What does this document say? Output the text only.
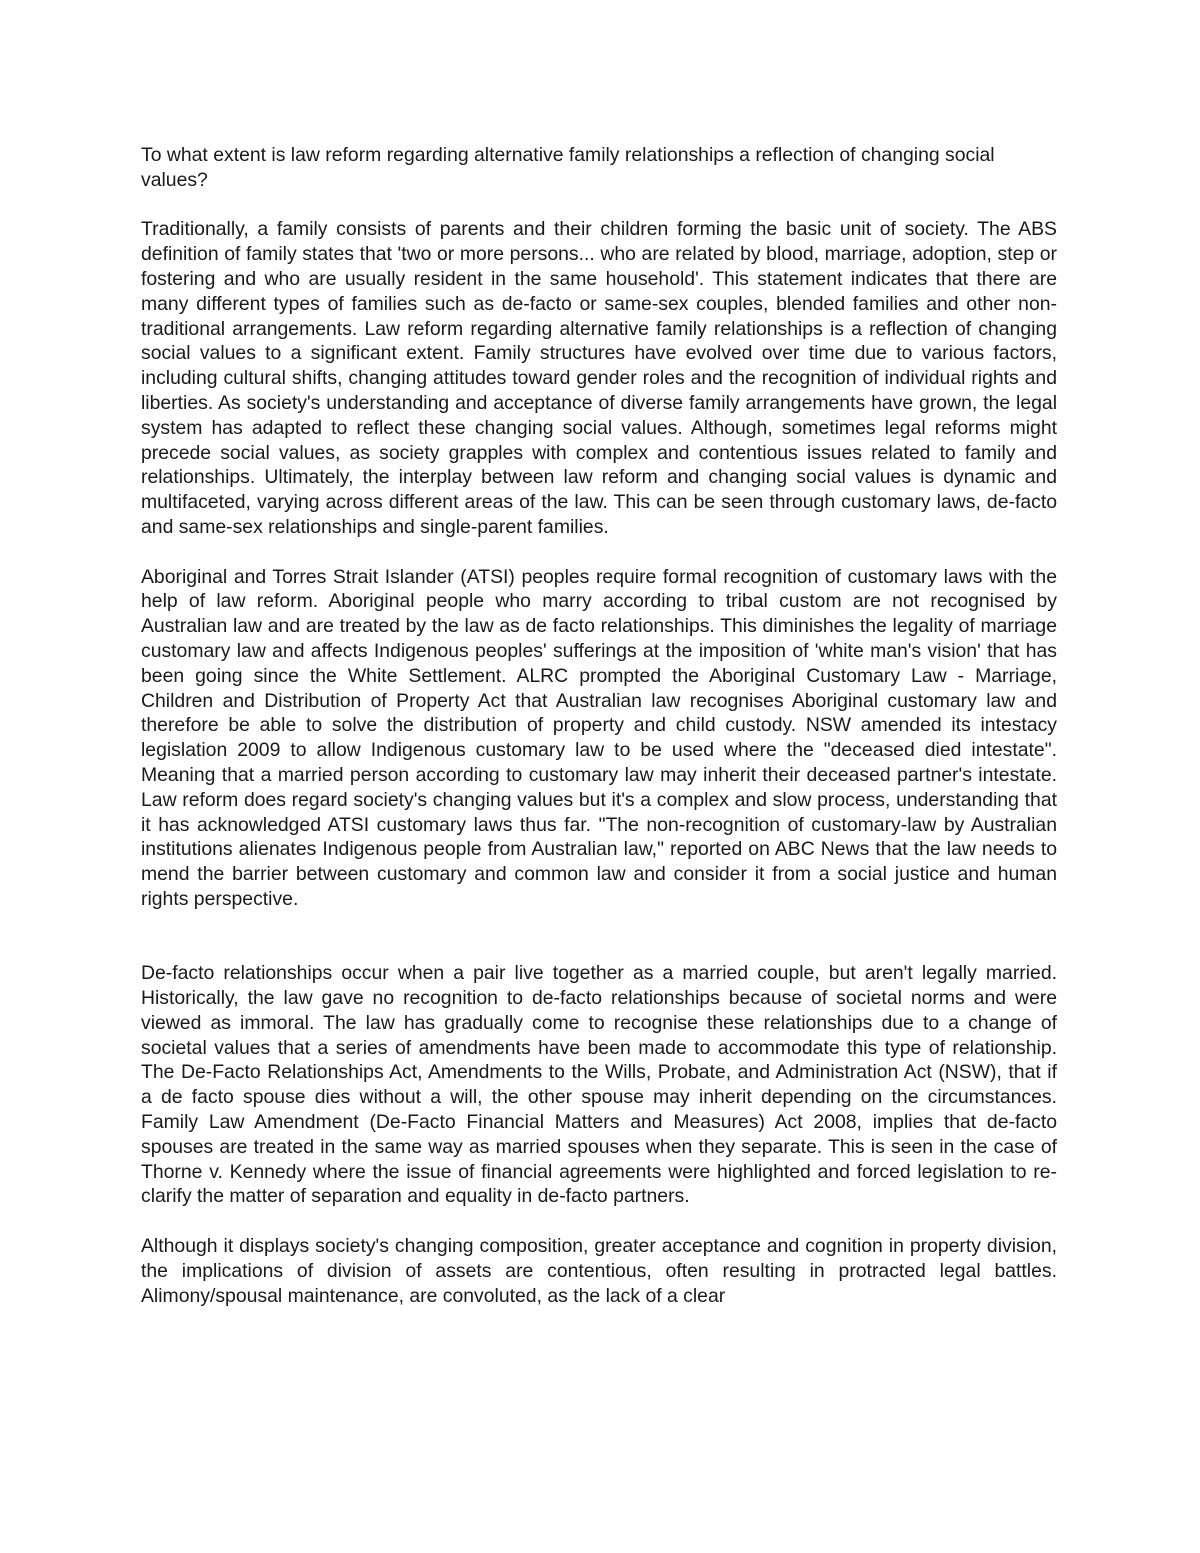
To what extent is law reform regarding alternative family relationships a reflection of changing social values?

Traditionally, a family consists of parents and their children forming the basic unit of society. The ABS definition of family states that 'two or more persons... who are related by blood, marriage, adoption, step or fostering and who are usually resident in the same household'. This statement indicates that there are many different types of families such as de-facto or same-sex couples, blended families and other non-traditional arrangements. Law reform regarding alternative family relationships is a reflection of changing social values to a significant extent. Family structures have evolved over time due to various factors, including cultural shifts, changing attitudes toward gender roles and the recognition of individual rights and liberties. As society's understanding and acceptance of diverse family arrangements have grown, the legal system has adapted to reflect these changing social values. Although, sometimes legal reforms might precede social values, as society grapples with complex and contentious issues related to family and relationships. Ultimately, the interplay between law reform and changing social values is dynamic and multifaceted, varying across different areas of the law. This can be seen through customary laws, de-facto and same-sex relationships and single-parent families.

Aboriginal and Torres Strait Islander (ATSI) peoples require formal recognition of customary laws with the help of law reform. Aboriginal people who marry according to tribal custom are not recognised by Australian law and are treated by the law as de facto relationships. This diminishes the legality of marriage customary law and affects Indigenous peoples' sufferings at the imposition of 'white man's vision' that has been going since the White Settlement. ALRC prompted the Aboriginal Customary Law - Marriage, Children and Distribution of Property Act that Australian law recognises Aboriginal customary law and therefore be able to solve the distribution of property and child custody. NSW amended its intestacy legislation 2009 to allow Indigenous customary law to be used where the "deceased died intestate". Meaning that a married person according to customary law may inherit their deceased partner's intestate. Law reform does regard society's changing values but it's a complex and slow process, understanding that it has acknowledged ATSI customary laws thus far. "The non-recognition of customary-law by Australian institutions alienates Indigenous people from Australian law," reported on ABC News that the law needs to mend the barrier between customary and common law and consider it from a social justice and human rights perspective.

De-facto relationships occur when a pair live together as a married couple, but aren't legally married. Historically, the law gave no recognition to de-facto relationships because of societal norms and were viewed as immoral. The law has gradually come to recognise these relationships due to a change of societal values that a series of amendments have been made to accommodate this type of relationship. The De-Facto Relationships Act, Amendments to the Wills, Probate, and Administration Act (NSW), that if a de facto spouse dies without a will, the other spouse may inherit depending on the circumstances. Family Law Amendment (De-Facto Financial Matters and Measures) Act 2008, implies that de-facto spouses are treated in the same way as married spouses when they separate. This is seen in the case of Thorne v. Kennedy where the issue of financial agreements were highlighted and forced legislation to re-clarify the matter of separation and equality in de-facto partners.

Although it displays society's changing composition, greater acceptance and cognition in property division, the implications of division of assets are contentious, often resulting in protracted legal battles. Alimony/spousal maintenance, are convoluted, as the lack of a clear
